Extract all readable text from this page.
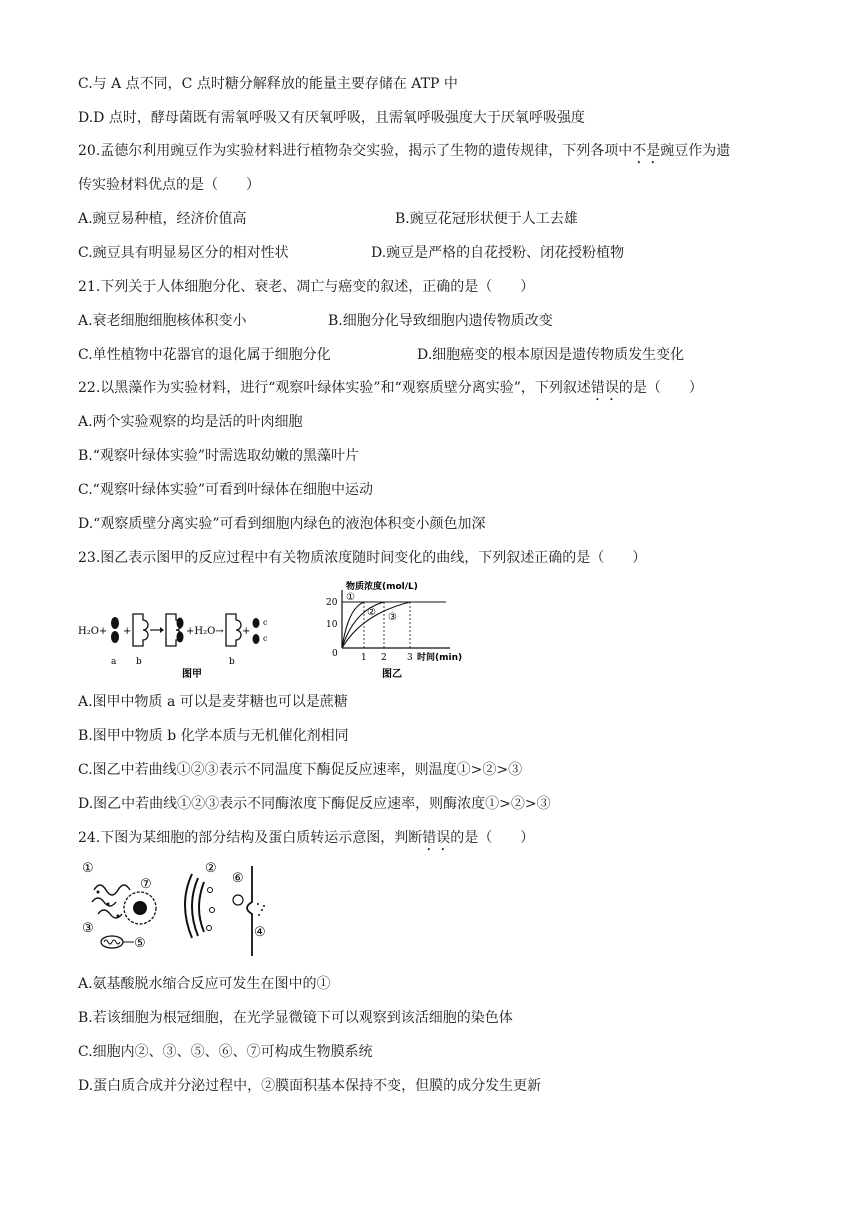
C.与 A 点不同，C 点时糖分解释放的能量主要存储在 ATP 中
D.D 点时，酵母菌既有需氧呼吸又有厌氧呼吸，且需氧呼吸强度大于厌氧呼吸强度
20.孟德尔利用豌豆作为实验材料进行植物杂交实验，揭示了生物的遗传规律，下列各项中不是豌豆作为遗
传实验材料优点的是（　　）
A.豌豆易种植，经济价值高	B.豌豆花冠形状便于人工去雄
C.豌豆具有明显易区分的相对性状	D.豌豆是严格的自花授粉、闭花授粉植物
21.下列关于人体细胞分化、衰老、凋亡与癌变的叙述，正确的是（　　）
A.衰老细胞细胞核体积变小	B.细胞分化导致细胞内遗传物质改变
C.单性植物中花器官的退化属于细胞分化	D.细胞癌变的根本原因是遗传物质发生变化
22.以黑藻作为实验材料，进行“观察叶绿体实验”和“观察质壁分离实验”，下列叙述错误的是（　　）
A.两个实验观察的均是活的叶肉细胞
B.“观察叶绿体实验”时需选取幼嫩的黑藻叶片
C.“观察叶绿体实验”可看到叶绿体在细胞中运动
D.“观察质壁分离实验”可看到细胞内绿色的液泡体积变小颜色加深
23.图乙表示图甲的反应过程中有关物质浓度随时间变化的曲线，下列叙述正确的是（　　）
H₂O+
a
+
b
+H₂O→
b
+
c
c
图甲
物质浓度(mol/L)
20
10
0
①
② ③
1 2 3 时间(min)
图乙
A.图甲中物质 a 可以是麦芽糖也可以是蔗糖
B.图甲中物质 b 化学本质与无机催化剂相同
C.图乙中若曲线①②③表示不同温度下酶促反应速率，则温度①>②>③
D.图乙中若曲线①②③表示不同酶浓度下酶促反应速率，则酶浓度①>②>③
24.下图为某细胞的部分结构及蛋白质转运示意图，判断错误的是（　　）
①
⑦
③
⑤
②
⑥
④
A.氨基酸脱水缩合反应可发生在图中的①
B.若该细胞为根冠细胞，在光学显微镜下可以观察到该活细胞的染色体
C.细胞内②、③、⑤、⑥、⑦可构成生物膜系统
D.蛋白质合成并分泌过程中，②膜面积基本保持不变，但膜的成分发生更新
